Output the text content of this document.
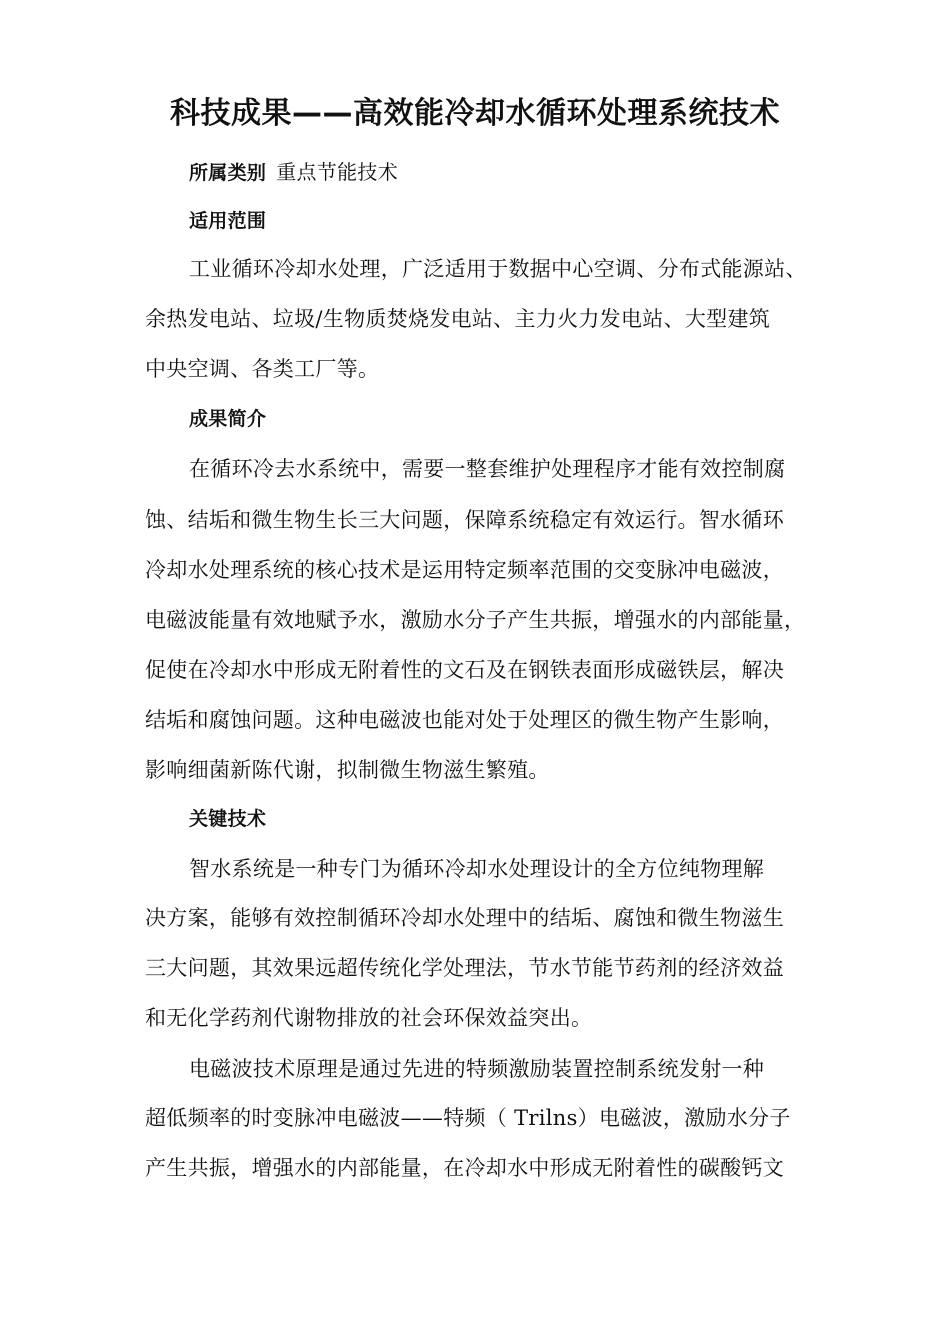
科技成果——高效能冷却水循环处理系统技术
所属类别 重点节能技术
适用范围
工业循环冷却水处理，广泛适用于数据中心空调、分布式能源站、
余热发电站、垃圾/生物质焚烧发电站、主力火力发电站、大型建筑
中央空调、各类工厂等。
成果简介
在循环冷去水系统中，需要一整套维护处理程序才能有效控制腐
蚀、结垢和微生物生长三大问题，保障系统稳定有效运行。智水循环
冷却水处理系统的核心技术是运用特定频率范围的交变脉冲电磁波，
电磁波能量有效地赋予水，激励水分子产生共振，增强水的内部能量，
促使在冷却水中形成无附着性的文石及在钢铁表面形成磁铁层，解决
结垢和腐蚀问题。这种电磁波也能对处于处理区的微生物产生影响，
影响细菌新陈代谢，拟制微生物滋生繁殖。
关键技术
智水系统是一种专门为循环冷却水处理设计的全方位纯物理解
决方案，能够有效控制循环冷却水处理中的结垢、腐蚀和微生物滋生
三大问题，其效果远超传统化学处理法，节水节能节药剂的经济效益
和无化学药剂代谢物排放的社会环保效益突出。
电磁波技术原理是通过先进的特频激励装置控制系统发射一种
超低频率的时变脉冲电磁波——特频（ Trilns）电磁波，激励水分子
产生共振，增强水的内部能量，在冷却水中形成无附着性的碳酸钙文
